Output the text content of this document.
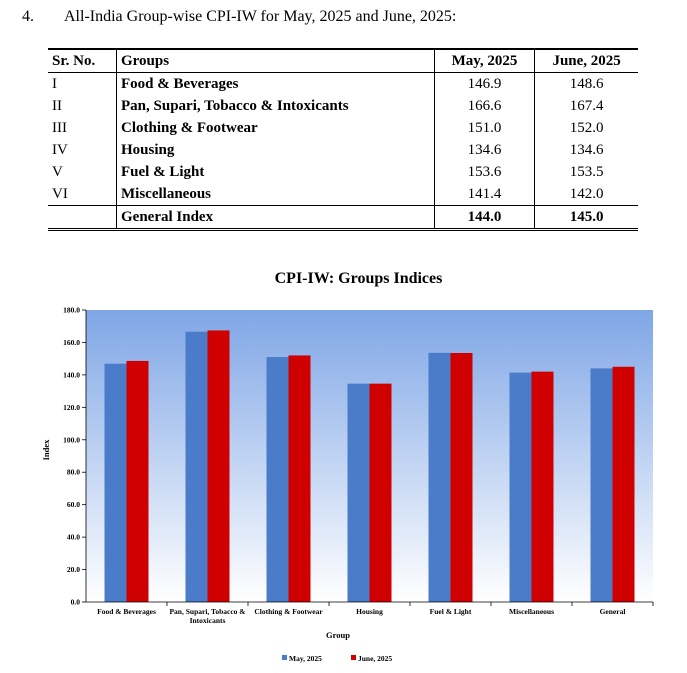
4. All-India Group-wise CPI-IW for May, 2025 and June, 2025:
Sr. No.	Groups	May, 2025	June, 2025
I	Food & Beverages	146.9	148.6
II	Pan, Supari, Tobacco & Intoxicants	166.6	167.4
III	Clothing & Footwear	151.0	152.0
IV	Housing	134.6	134.6
V	Fuel & Light	153.6	153.5
VI	Miscellaneous	141.4	142.0
	General Index	144.0	145.0
CPI-IW: Groups Indices
0.0
20.0
40.0
60.0
80.0
100.0
120.0
140.0
160.0
180.0
Food & Beverages Pan, Supari, Tobacco & Intoxicants
Clothing & Footwear	Housing	Fuel & Light	Miscellaneous	General
Index
Group
May, 2025	June, 2025
